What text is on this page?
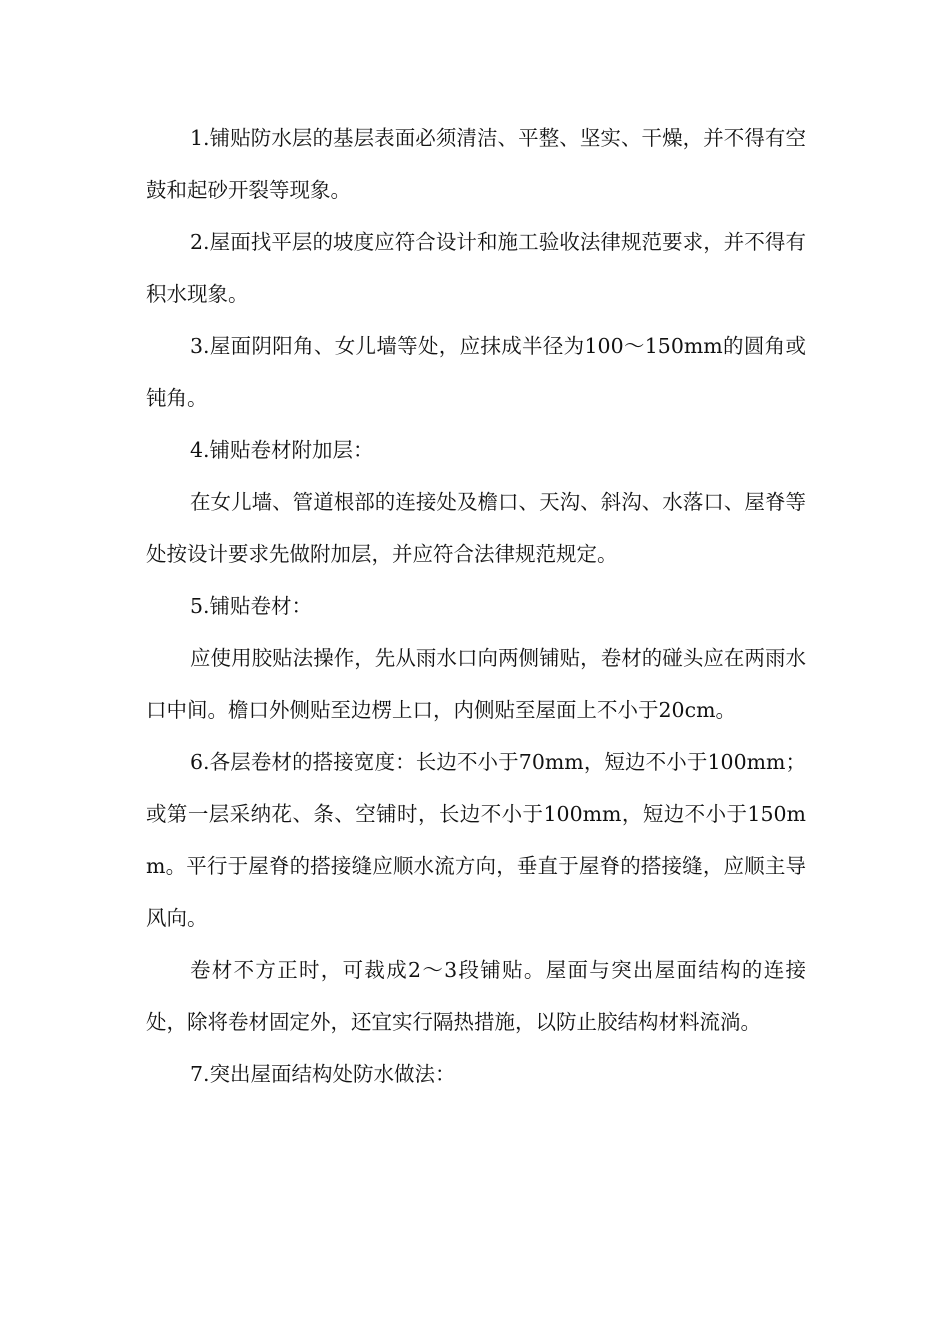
1.铺贴防水层的基层表面必须清洁、平整、坚实、干燥，并不得有空鼓和起砂开裂等现象。

2.屋面找平层的坡度应符合设计和施工验收法律规范要求，并不得有积水现象。

3.屋面阴阳角、女儿墙等处，应抹成半径为100～150mm的圆角或钝角。

4.铺贴卷材附加层：

在女儿墙、管道根部的连接处及檐口、天沟、斜沟、水落口、屋脊等处按设计要求先做附加层，并应符合法律规范规定。

5.铺贴卷材：

应使用胶贴法操作，先从雨水口向两侧铺贴，卷材的碰头应在两雨水口中间。檐口外侧贴至边楞上口，内侧贴至屋面上不小于20cm。

6.各层卷材的搭接宽度：长边不小于70mm，短边不小于100mm；或第一层采纳花、条、空铺时，长边不小于100mm，短边不小于150mm。平行于屋脊的搭接缝应顺水流方向，垂直于屋脊的搭接缝，应顺主导风向。

卷材不方正时，可裁成2～3段铺贴。屋面与突出屋面结构的连接处，除将卷材固定外，还宜实行隔热措施，以防止胶结构材料流淌。

7.突出屋面结构处防水做法：
